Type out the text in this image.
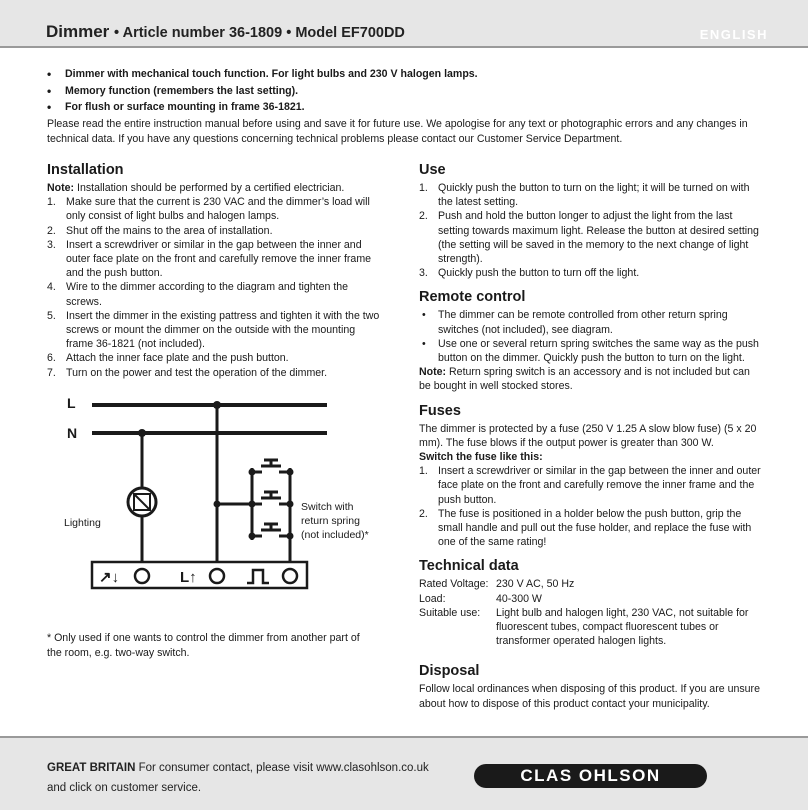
Dimmer • Article number 36-1809 • Model EF700DD	ENGLISH
• Dimmer with mechanical touch function. For light bulbs and 230 V halogen lamps.
• Memory function (remembers the last setting).
• For flush or surface mounting in frame 36-1821.

Please read the entire instruction manual before using and save it for future use. We apologise for any text or photographic errors and any changes in technical data. If you have any questions concerning technical problems please contact our Customer Service Department.

Installation

Note: Installation should be performed by a certified electrician.

1. Make sure that the current is 230 VAC and the dimmer’s load will only consist of light bulbs and halogen lamps.
2. Shut off the mains to the area of installation.
3. Insert a screwdriver or similar in the gap between the inner and outer face plate on the front and carefully remove the inner frame and the push button.
4. Wire to the dimmer according to the diagram and tighten the screws.
5. Insert the dimmer in the existing pattress and tighten it with the two screws or mount the dimmer on the outside with the mounting frame 36-1821 (not included).
6. Attach the inner face plate and the push button.
7. Turn on the power and test the operation of the dimmer.
L
N
Lighting
Switch with
return spring
(not included)*
↗↓	L↑

* Only used if one wants to control the dimmer from another part of the room, e.g. two-way switch.

Use
1. Quickly push the button to turn on the light; it will be turned on with the latest setting.
2. Push and hold the button longer to adjust the light from the last setting towards maximum light. Release the button at desired setting (the setting will be saved in the memory to the next change of light strength).
3. Quickly push the button to turn off the light.
Remote control
• The dimmer can be remote controlled from other return spring switches (not included), see diagram.
• Use one or several return spring switches the same way as the push button on the dimmer. Quickly push the button to turn on the light.

Note: Return spring switch is an accessory and is not included but can be bought in well stocked stores.

Fuses

The dimmer is protected by a fuse (250 V 1.25 A slow blow fuse) (5 x 20 mm). The fuse blows if the output power is greater than 300 W.

Switch the fuse like this:

1. Insert a screwdriver or similar in the gap between the inner and outer face plate on the front and carefully remove the inner frame and the push button.
2. The fuse is positioned in a holder below the push button, grip the small handle and pull out the fuse holder, and replace the fuse with one of the same rating!
Technical data
Rated Voltage: 230 V AC, 50 Hz
Load:	40-300 W
Suitable use:	Light bulb and halogen light, 230 VAC, not suitable for fluorescent tubes, compact fluorescent tubes or transformer operated halogen lights.
Disposal

Follow local ordinances when disposing of this product. If you are unsure about how to dispose of this product contact your municipality.

GREAT BRITAIN For consumer contact, please visit www.clasohlson.co.uk and click on customer service.
CLAS OHLSON
